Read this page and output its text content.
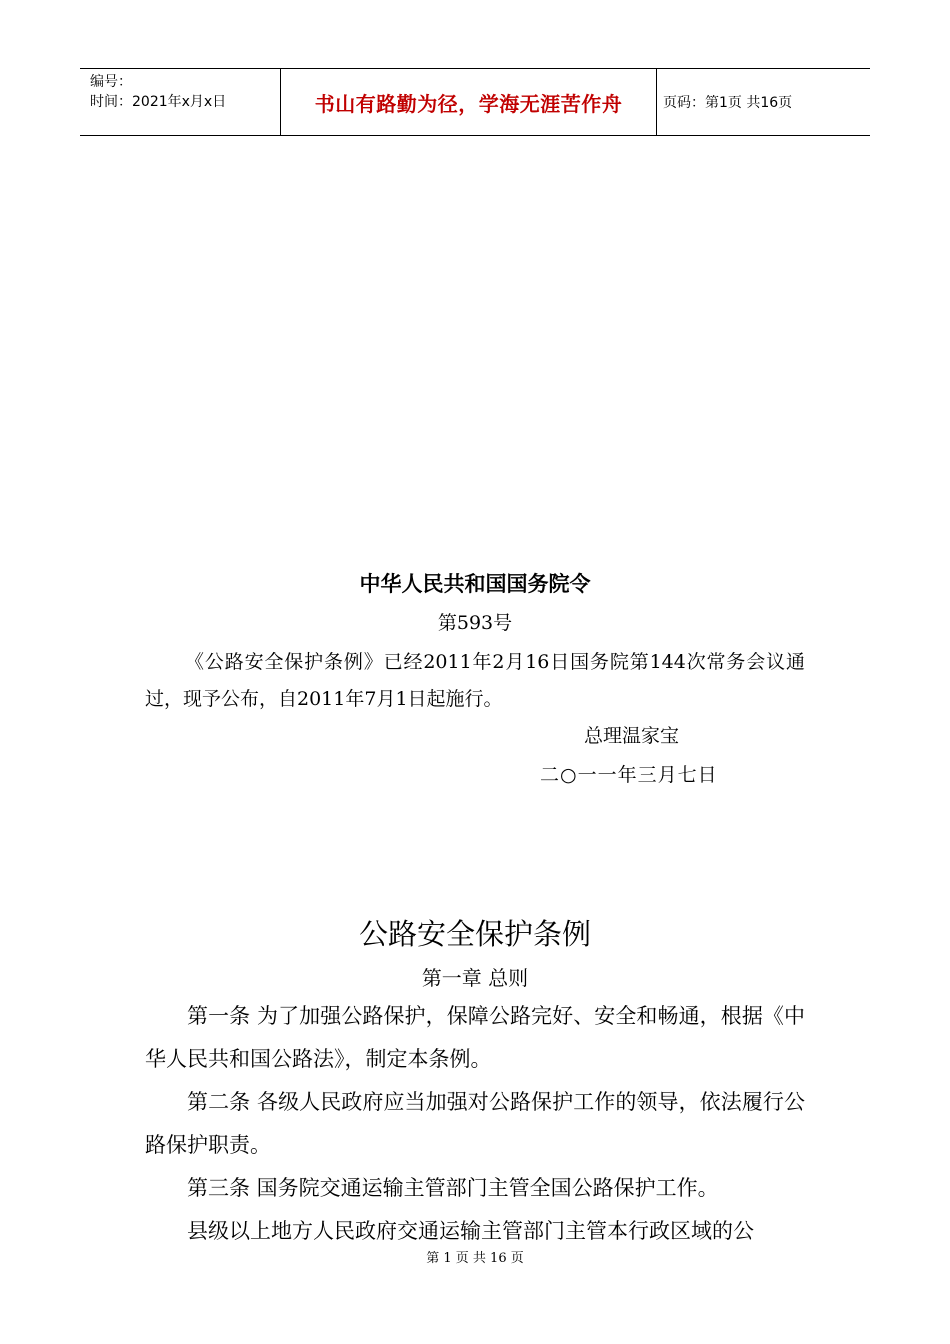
编号：
时间：2021年x月x日	书山有路勤为径，学海无涯苦作舟	页码：第1页 共16页
中华人民共和国国务院令
第593号
《公路安全保护条例》已经2011年2月16日国务院第144次常务会议通过，现予公布，自2011年7月1日起施行。
总理温家宝
二○一一年三月七日
公路安全保护条例
第一章 总则
第一条 为了加强公路保护，保障公路完好、安全和畅通，根据《中华人民共和国公路法》，制定本条例。
第二条 各级人民政府应当加强对公路保护工作的领导，依法履行公路保护职责。
第三条 国务院交通运输主管部门主管全国公路保护工作。
县级以上地方人民政府交通运输主管部门主管本行政区域的公
第 1 页 共 16 页
